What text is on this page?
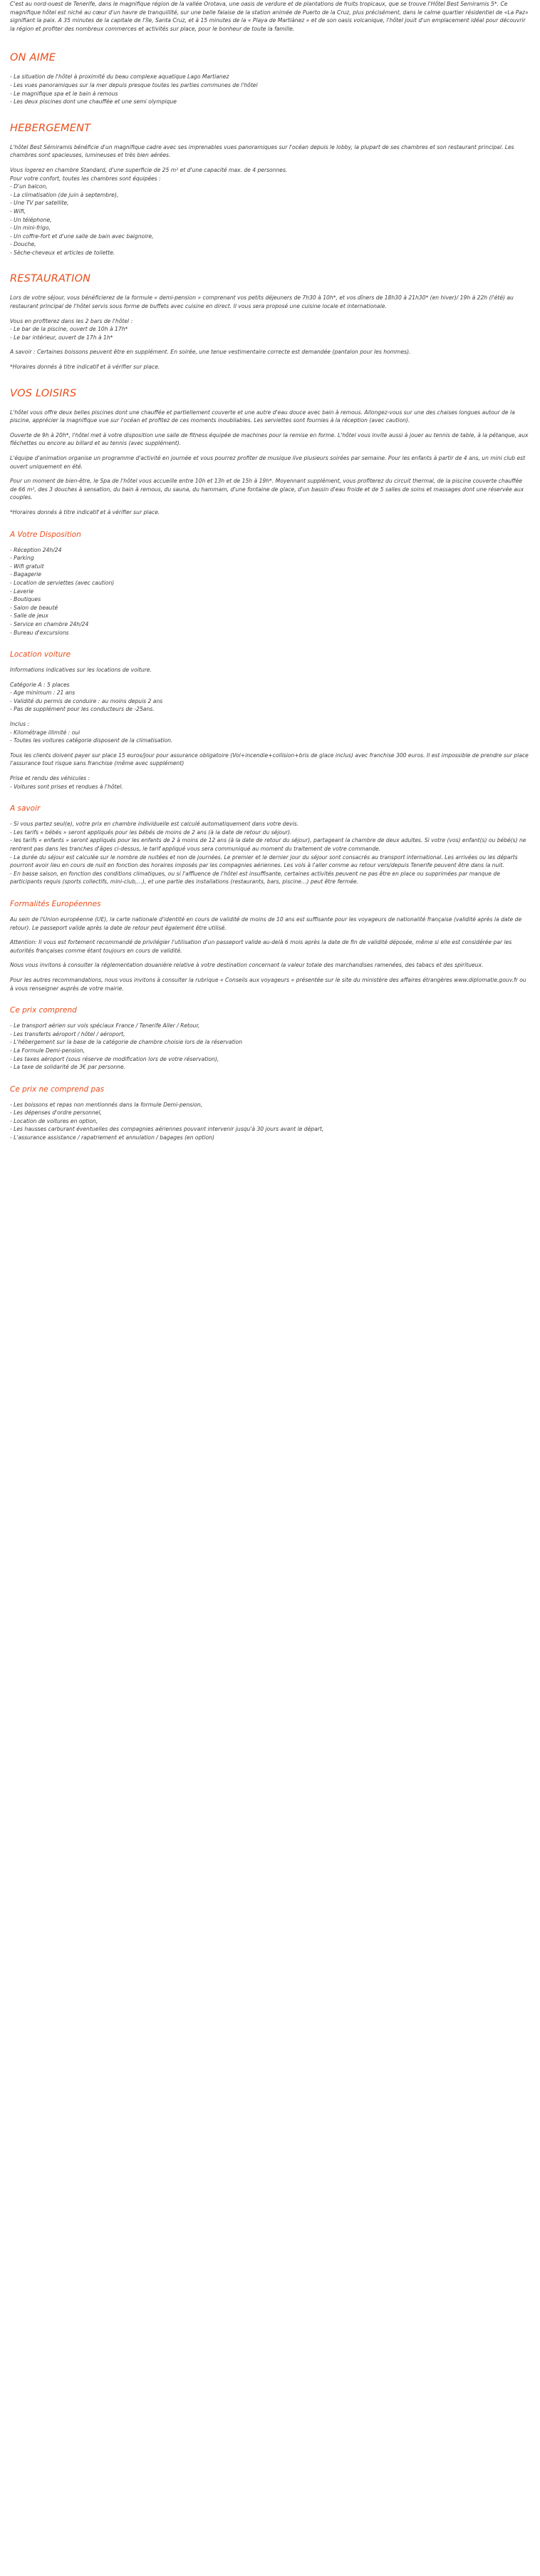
C'est au nord-ouest de Tenerife, dans le magnifique région de la vallée Orotava, une oasis de verdure et de plantations de fruits tropicaux, que se trouve l'Hôtel Best Semiramis 5*. Ce magnifique hôtel est niché au cœur d'un havre de tranquillité, sur une belle falaise de la station animée de Puerto de la Cruz, plus précisément, dans le calme quartier résidentiel de «La Paz» signifiant la paix. A 35 minutes de la capitale de l'île, Santa Cruz, et à 15 minutes de la « Playa de Martiànez » et de son oasis volcanique, l'hôtel jouit d'un emplacement idéal pour découvrir la région et profiter des nombreux commerces et activités sur place, pour le bonheur de toute la famille.
ON AIME
- La situation de l'hôtel à proximité du beau complexe aquatique Lago Martianez
- Les vues panoramiques sur la mer depuis presque toutes les parties communes de l'hôtel
- Le magnifique spa et le bain à remous
- Les deux piscines dont une chauffée et une semi olympique
HEBERGEMENT

L'hôtel Best Sémiramis bénéficie d'un magnifique cadre avec ses imprenables vues panoramiques sur l'océan depuis le lobby, la plupart de ses chambres et son restaurant principal. Les chambres sont spacieuses, lumineuses et très bien aérées.

Vous logerez en chambre Standard, d'une superficie de 25 m² et d'une capacité max. de 4 personnes.

Pour votre confort, toutes les chambres sont équipées :

- D'un balcon,
- La climatisation (de juin à septembre),
- Une TV par satellite,
- Wifi,
- Un téléphone,
- Un mini-frigo,
- Un coffre-fort et d'une salle de bain avec baignoire,
- Douche,
- Sèche-cheveux et articles de toilette.
RESTAURATION

Lors de votre séjour, vous bénéficierez de la formule « demi-pension » comprenant vos petits déjeuners de 7h30 à 10h*, et vos dîners de 18h30 à 21h30* (en hiver)/ 19h à 22h (l'été) au restaurant principal de l'hôtel servis sous forme de buffets avec cuisine en direct. Il vous sera proposé une cuisine locale et internationale.

Vous en profiterez dans les 2 bars de l'hôtel :

- Le bar de la piscine, ouvert de 10h à 17h*
- Le bar intérieur, ouvert de 17h à 1h*

A savoir : Certaines boissons peuvent être en supplément. En soirée, une tenue vestimentaire correcte est demandée (pantalon pour les hommes).

*Horaires donnés à titre indicatif et à vérifier sur place.

VOS LOISIRS

L'hôtel vous offre deux belles piscines dont une chauffée et partiellement couverte et une autre d'eau douce avec bain à remous. Allongez-vous sur une des chaises longues autour de la piscine, apprécier la magnifique vue sur l'océan et profitez de ces moments inoubliables. Les serviettes sont fournies à la réception (avec caution).

Ouverte de 9h à 20h*, l'hôtel met à votre disposition une salle de fitness équipée de machines pour la remise en forme. L'hôtel vous invite aussi à jouer au tennis de table, à la pétanque, aux fléchettes ou encore au billard et au tennis (avec supplément).

L'équipe d'animation organise un programme d'activité en journée et vous pourrez profiter de musique live plusieurs soirées par semaine. Pour les enfants à partir de 4 ans, un mini club est ouvert uniquement en été.

Pour un moment de bien-être, le Spa de l'hôtel vous accueille entre 10h et 13h et de 15h à 19h*. Moyennant supplément, vous profiterez du circuit thermal, de la piscine couverte chauffée de 66 m², des 3 douches à sensation, du bain à remous, du sauna, du hammam, d'une fontaine de glace, d'un bassin d'eau froide et de 5 salles de soins et massages dont une réservée aux couples.

*Horaires donnés à titre indicatif et à vérifier sur place.

A Votre Disposition
- Réception 24h/24
- Parking
- Wifi gratuit
- Bagagerie
- Location de serviettes (avec caution)
- Laverie
- Boutiques
- Salon de beauté
- Salle de jeux
- Service en chambre 24h/24
- Bureau d'excursions
Location voiture

Informations indicatives sur les locations de voiture.

Catégorie A : 5 places

- Age minimum : 21 ans
- Validité du permis de conduire : au moins depuis 2 ans
- Pas de supplément pour les conducteurs de -25ans.

Inclus :

- Kilométrage illimité : oui
- Toutes les voitures catégorie disposent de la climatisation.

Tous les clients doivent payer sur place 15 euros/jour pour assurance obligatoire (Vol+incendie+collision+bris de glace inclus) avec franchise 300 euros. Il est impossible de prendre sur place l'assurance tout risque sans franchise (même avec supplément)

Prise et rendu des véhicules :

- Voitures sont prises et rendues à l'hôtel.

A savoir
- Si vous partez seul(e), votre prix en chambre individuelle est calculé automatiquement dans votre devis.
- Les tarifs « bébés » seront appliqués pour les bébés de moins de 2 ans (à la date de retour du séjour).
- les tarifs « enfants » seront appliqués pour les enfants de 2 à moins de 12 ans (à la date de retour du séjour), partageant la chambre de deux adultes. Si votre (vos) enfant(s) ou bébé(s) ne rentrent pas dans les tranches d'âges ci-dessus, le tarif appliqué vous sera communiqué au moment du traitement de votre commande.
- La durée du séjour est calculée sur le nombre de nuitées et non de journées. Le premier et le dernier jour du séjour sont consacrés au transport international. Les arrivées ou les départs pourront avoir lieu en cours de nuit en fonction des horaires imposés par les compagnies aériennes. Les vols à l'aller comme au retour vers/depuis Tenerife peuvent être dans la nuit.
- En basse saison, en fonction des conditions climatiques, ou si l'affluence de l'hôtel est insuffisante, certaines activités peuvent ne pas être en place ou supprimées par manque de participants requis (sports collectifs, mini-club,…), et une partie des installations (restaurants, bars, piscine…) peut être fermée.
Formalités Européennes

Au sein de l'Union européenne (UE), la carte nationale d'identité en cours de validité de moins de 10 ans est suffisante pour les voyageurs de nationalité française (validité après la date de retour). Le passeport valide après la date de retour peut également être utilisé.

Attention: Il vous est fortement recommandé de privilégier l'utilisation d'un passeport valide au-delà 6 mois après la date de fin de validité déposée, même si elle est considérée par les autorités françaises comme étant toujours en cours de validité.

Nous vous invitons à consulter la réglementation douanière relative à votre destination concernant la valeur totale des marchandises ramenées, des tabacs et des spiritueux.

Pour les autres recommandations, nous vous invitons à consulter la rubrique « Conseils aux voyageurs » présentée sur le site du ministère des affaires étrangères www.diplomatie.gouv.fr ou à vous renseigner auprès de votre mairie.

Ce prix comprend
- Le transport aérien sur vols spéciaux France / Tenerife Aller / Retour,
- Les transferts aéroport / hôtel / aéroport,
- L'hébergement sur la base de la catégorie de chambre choisie lors de la réservation
- La Formule Demi-pension,
- Les taxes aéroport (sous réserve de modification lors de votre réservation),
- La taxe de solidarité de 3€ par personne.
Ce prix ne comprend pas
- Les boissons et repas non mentionnés dans la formule Demi-pension,
- Les dépenses d'ordre personnel,
- Location de voitures en option,
- Les hausses carburant éventuelles des compagnies aériennes pouvant intervenir jusqu'à 30 jours avant le départ,
- L'assurance assistance / rapatriement et annulation / bagages (en option)
